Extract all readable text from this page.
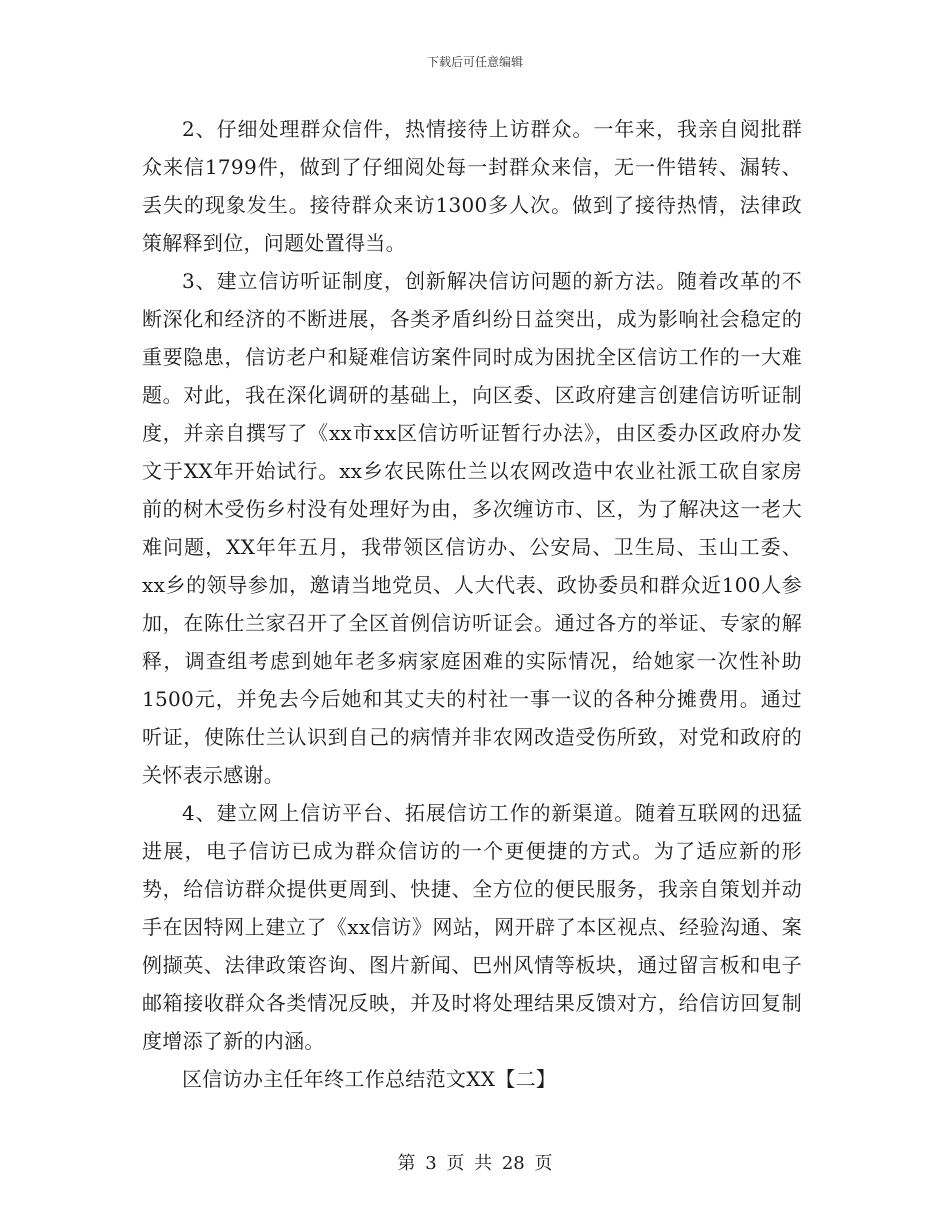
下载后可任意编辑

2、仔细处理群众信件，热情接待上访群众。一年来，我亲自阅批群众来信1799件，做到了仔细阅处每一封群众来信，无一件错转、漏转、丢失的现象发生。接待群众来访1300多人次。做到了接待热情，法律政策解释到位，问题处置得当。

3、建立信访听证制度，创新解决信访问题的新方法。随着改革的不断深化和经济的不断进展，各类矛盾纠纷日益突出，成为影响社会稳定的重要隐患，信访老户和疑难信访案件同时成为困扰全区信访工作的一大难题。对此，我在深化调研的基础上，向区委、区政府建言创建信访听证制度，并亲自撰写了《xx市xx区信访听证暂行办法》，由区委办区政府办发文于XX年开始试行。xx乡农民陈仕兰以农网改造中农业社派工砍自家房前的树木受伤乡村没有处理好为由，多次缠访市、区，为了解决这一老大难问题，XX年年五月，我带领区信访办、公安局、卫生局、玉山工委、xx乡的领导参加，邀请当地党员、人大代表、政协委员和群众近100人参加，在陈仕兰家召开了全区首例信访听证会。通过各方的举证、专家的解释，调查组考虑到她年老多病家庭困难的实际情况，给她家一次性补助1500元，并免去今后她和其丈夫的村社一事一议的各种分摊费用。通过听证，使陈仕兰认识到自己的病情并非农网改造受伤所致，对党和政府的关怀表示感谢。

4、建立网上信访平台、拓展信访工作的新渠道。随着互联网的迅猛进展，电子信访已成为群众信访的一个更便捷的方式。为了适应新的形势，给信访群众提供更周到、快捷、全方位的便民服务，我亲自策划并动手在因特网上建立了《xx信访》网站，网开辟了本区视点、经验沟通、案例撷英、法律政策咨询、图片新闻、巴州风情等板块，通过留言板和电子邮箱接收群众各类情况反映，并及时将处理结果反馈对方，给信访回复制度增添了新的内涵。

区信访办主任年终工作总结范文XX【二】

第 3 页 共 28 页
